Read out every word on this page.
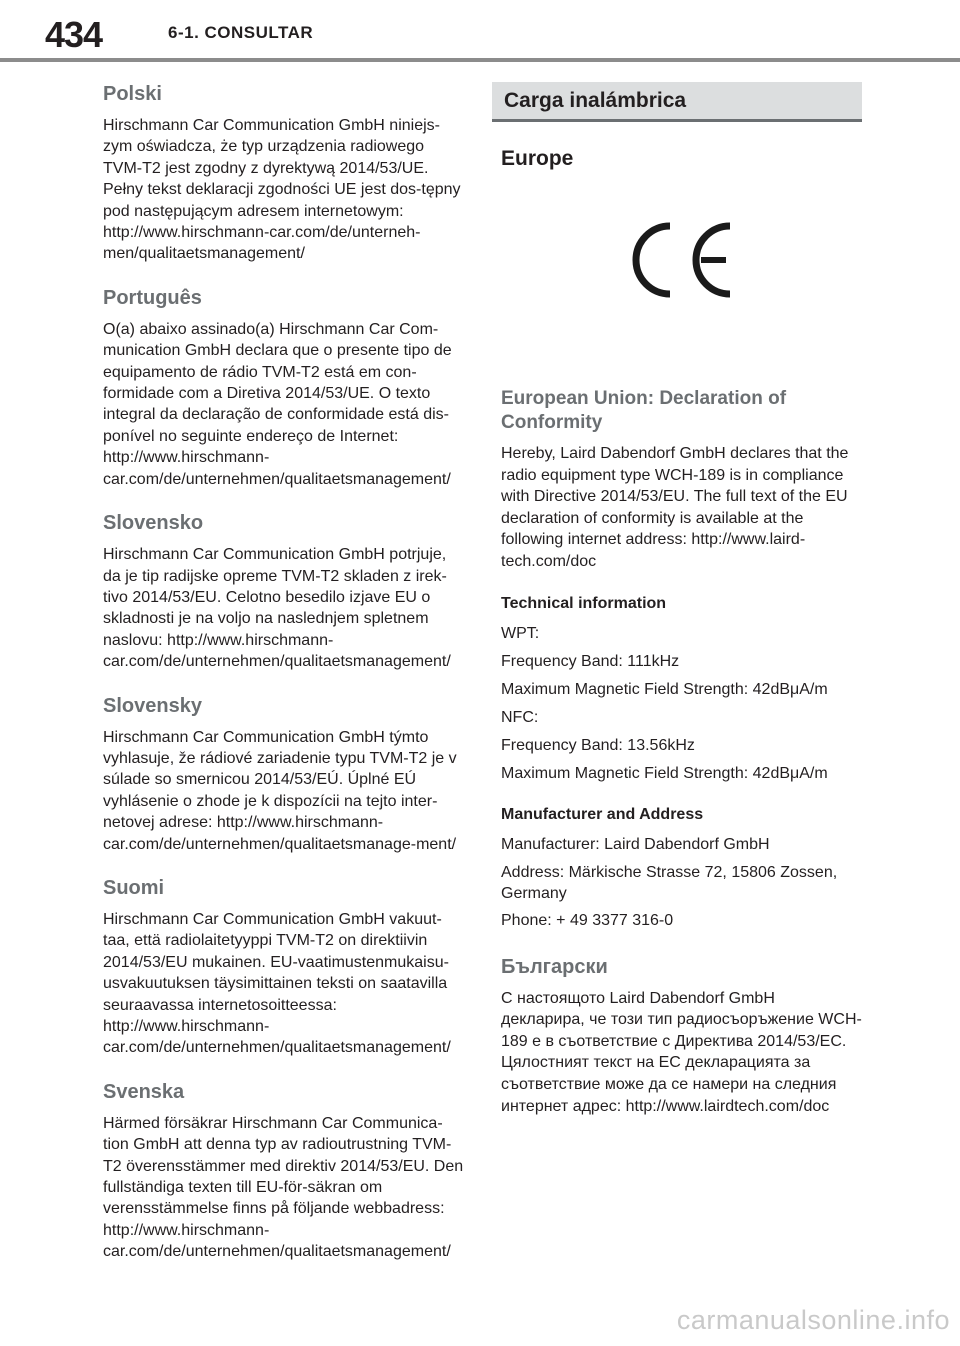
434	6-1. CONSULTAR
Polski

Hirschmann Car Communication GmbH niniejs-zym oświadcza, że typ urządzenia radiowego TVM-T2 jest zgodny z dyrektywą 2014/53/UE. Pełny tekst deklaracji zgodności UE jest dos-tępny pod następującym adresem internetowym: http://www.hirschmann-car.com/de/unterneh-men/qualitaetsmanagement/

Português

O(a) abaixo assinado(a) Hirschmann Car Com-munication GmbH declara que o presente tipo de equipamento de rádio TVM-T2 está em con-formidade com a Diretiva 2014/53/UE. O texto integral da declaração de conformidade está dis-ponível no seguinte endereço de Internet: http://www.hirschmann-car.com/de/unternehmen/qualitaetsmanagement/

Slovensko

Hirschmann Car Communication GmbH potrjuje, da je tip radijske opreme TVM-T2 skladen z irek-tivo 2014/53/EU. Celotno besedilo izjave EU o skladnosti je na voljo na naslednjem spletnem naslovu: http://www.hirschmann-car.com/de/unternehmen/qualitaetsmanagement/

Slovensky

Hirschmann Car Communication GmbH týmto vyhlasuje, že rádiové zariadenie typu TVM-T2 je v súlade so smernicou 2014/53/EÚ. Úplné EÚ vyhlásenie o zhode je k dispozícii na tejto inter-netovej adrese: http://www.hirschmann-car.com/de/unternehmen/qualitaetsmanage-ment/

Suomi

Hirschmann Car Communication GmbH vakuut-taa, että radiolaitetyyppi TVM-T2 on direktiivin 2014/53/EU mukainen. EU-vaatimustenmukaisu-usvakuutuksen täysimittainen teksti on saatavilla seuraavassa internetosoitteessa: http://www.hirschmann-car.com/de/unternehmen/qualitaetsmanagement/

Svenska

Härmed försäkrar Hirschmann Car Communica-tion GmbH att denna typ av radioutrustning TVM-T2 överensstämmer med direktiv 2014/53/EU. Den fullständiga texten till EU-för-säkran om verensstämmelse finns på följande webbadress: http://www.hirschmann-car.com/de/unternehmen/qualitaetsmanagement/

Carga inalámbrica
Europe
European Union: Declaration of Conformity

Hereby, Laird Dabendorf GmbH declares that the radio equipment type WCH-189 is in compliance with Directive 2014/53/EU. The full text of the EU declaration of conformity is available at the following internet address: http://www.laird-tech.com/doc

Technical information
WPT:
Frequency Band: 111kHz
Maximum Magnetic Field Strength: 42dBμA/m
NFC:
Frequency Band: 13.56kHz
Maximum Magnetic Field Strength: 42dBμA/m
Manufacturer and Address
Manufacturer: Laird Dabendorf GmbH
Address: Märkische Strasse 72, 15806 Zossen, Germany
Phone: + 49 3377 316-0
Български

С настоящото Laird Dabendorf GmbH декларира, че този тип радиосъоръжение WCH-189 е в съответствие с Директива 2014/53/ЕС. Цялостният текст на ЕС декларацията за съответствие може да се намери на следния интернет адрес: http://www.lairdtech.com/doc

carmanualsonline.info
